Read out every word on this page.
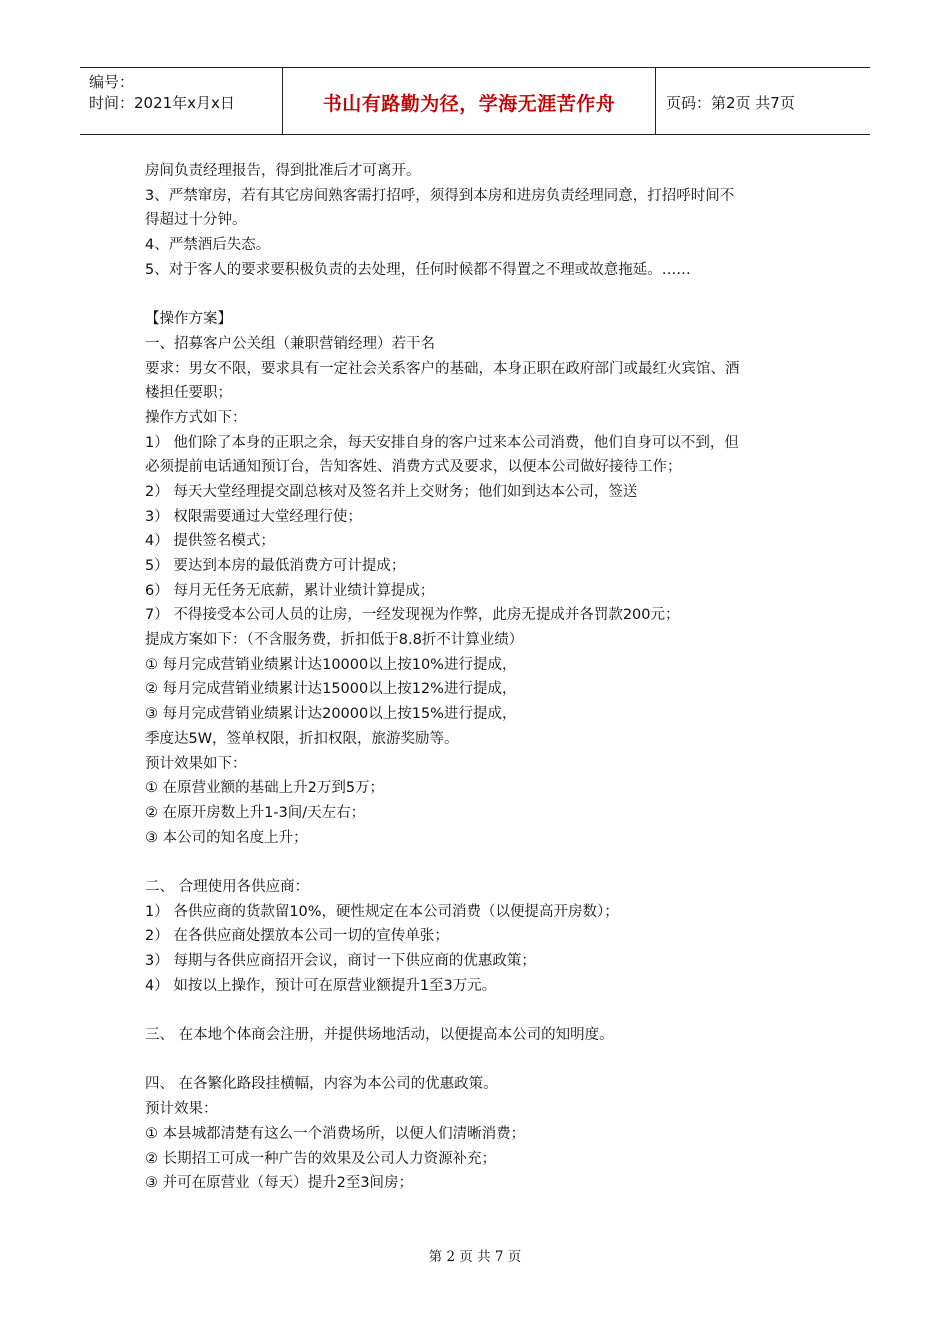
编号：
时间：2021年x月x日	书山有路勤为径，学海无涯苦作舟	页码：第2页 共7页
房间负责经理报告，得到批准后才可离开。
3、严禁窜房，若有其它房间熟客需打招呼，须得到本房和进房负责经理同意，打招呼时间不
得超过十分钟。
4、严禁酒后失态。
5、对于客人的要求要积极负责的去处理，任何时候都不得置之不理或故意拖延。……
【操作方案】
一、招募客户公关组（兼职营销经理）若干名
要求：男女不限，要求具有一定社会关系客户的基础，本身正职在政府部门或最红火宾馆、酒
楼担任要职；
操作方式如下：
1） 他们除了本身的正职之余，每天安排自身的客户过来本公司消费，他们自身可以不到，但
必须提前电话通知预订台，告知客姓、消费方式及要求，以便本公司做好接待工作；
2） 每天大堂经理提交副总核对及签名并上交财务；他们如到达本公司，签送
3） 权限需要通过大堂经理行使；
4） 提供签名模式；
5） 要达到本房的最低消费方可计提成；
6） 每月无任务无底薪，累计业绩计算提成；
7） 不得接受本公司人员的让房，一经发现视为作弊，此房无提成并各罚款200元；
提成方案如下：（不含服务费，折扣低于8.8折不计算业绩）
① 每月完成营销业绩累计达10000以上按10%进行提成，
② 每月完成营销业绩累计达15000以上按12%进行提成，
③ 每月完成营销业绩累计达20000以上按15%进行提成，
季度达5W，签单权限，折扣权限，旅游奖励等。
预计效果如下：
① 在原营业额的基础上升2万到5万；
② 在原开房数上升1-3间/天左右；
③ 本公司的知名度上升；
二、 合理使用各供应商：
1） 各供应商的货款留10%，硬性规定在本公司消费（以便提高开房数）；
2） 在各供应商处摆放本公司一切的宣传单张；
3） 每期与各供应商招开会议，商讨一下供应商的优惠政策；
4） 如按以上操作，预计可在原营业额提升1至3万元。
三、 在本地个体商会注册，并提供场地活动，以便提高本公司的知明度。
四、 在各繁化路段挂横幅，内容为本公司的优惠政策。
预计效果：
① 本县城都清楚有这么一个消费场所，以便人们清晰消费；
② 长期招工可成一种广告的效果及公司人力资源补充；
③ 并可在原营业（每天）提升2至3间房；
第 2 页 共 7 页
